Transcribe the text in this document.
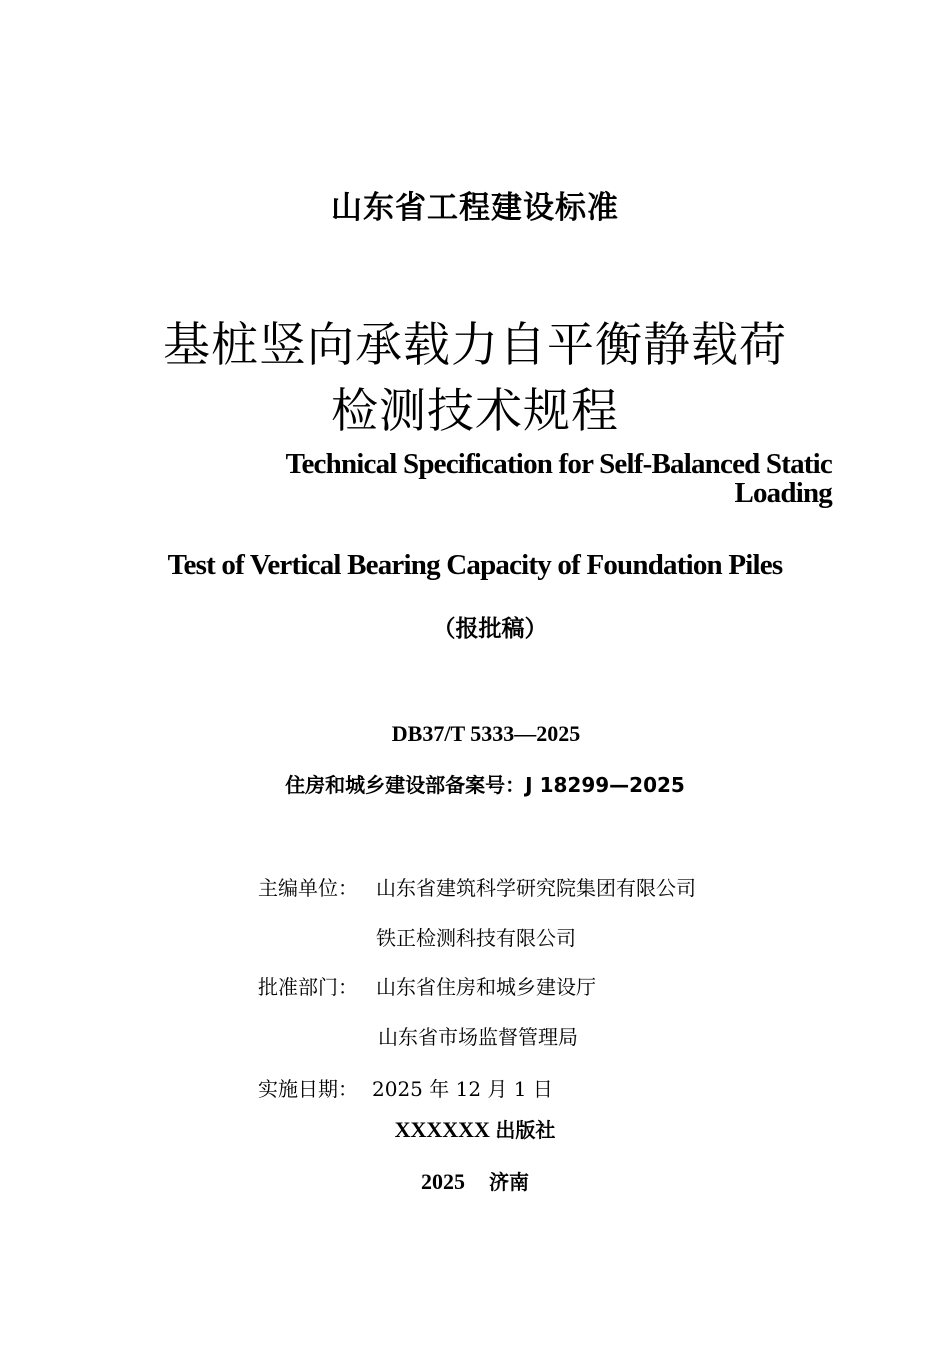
山东省工程建设标准
基桩竖向承载力自平衡静载荷
检测技术规程
Technical Specification for Self-Balanced Static
Loading
Test of Vertical Bearing Capacity of Foundation Piles
（报批稿）
DB37/T 5333—2025
住房和城乡建设部备案号：J 18299—2025
主编单位： 山东省建筑科学研究院集团有限公司
铁正检测科技有限公司
批准部门： 山东省住房和城乡建设厅
山东省市场监督管理局
实施日期： 2025 年 12 月 1 日
XXXXXX 出版社
2025 济南
